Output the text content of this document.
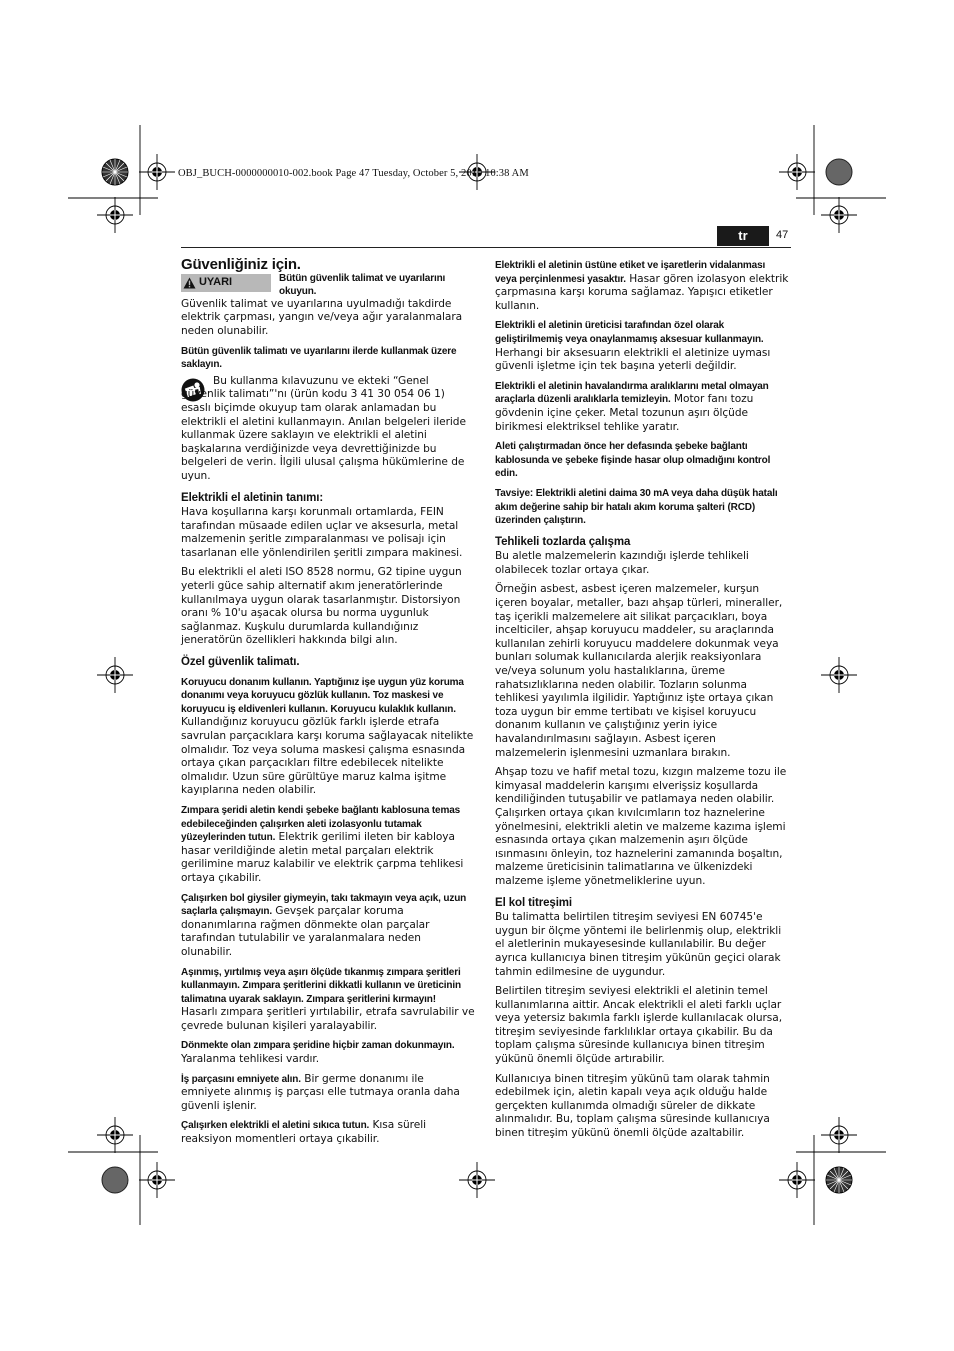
OBJ_BUCH-0000000010-002.book Page 47 Tuesday, October 5, 2010 10:38 AM
tr	47
Güvenliğiniz için.
UYARI	Bütün güvenlik talimat ve uyarılarını okuyun.

Güvenlik talimat ve uyarılarına uyulmadığı takdirde elektrik çarpması, yangın ve/veya ağır yaralanmalara neden olunabilir.

Bütün güvenlik talimatı ve uyarılarını ilerde kullanmak üzere saklayın.

Bu kullanma kılavuzunu ve ekteki “Genel güvenlik talimatı”'nı (ürün kodu 3 41 30 054 06 1) esaslı biçimde okuyup tam olarak anlamadan bu elektrikli el aletini kullanmayın. Anılan belgeleri ileride kullanmak üzere saklayın ve elektrikli el aletini başkalarına verdiğinizde veya devrettiğinizde bu belgeleri de verin. İlgili ulusal çalışma hükümlerine de uyun.

Elektrikli el aletinin tanımı:

Hava koşullarına karşı korunmalı ortamlarda, FEIN tarafından müsaade edilen uçlar ve aksesurla, metal malzemenin şeritle zımparalanması ve polisajı için tasarlanan elle yönlendirilen şeritli zımpara makinesi.

Bu elektrikli el aleti ISO 8528 normu, G2 tipine uygun yeterli güce sahip alternatif akım jeneratörlerinde kullanılmaya uygun olarak tasarlanmıştır. Distorsiyon oranı % 10'u aşacak olursa bu norma uygunluk sağlanmaz. Kuşkulu durumlarda kullandığınız jeneratörün özellikleri hakkında bilgi alın.

Özel güvenlik talimatı.

Koruyucu donanım kullanın. Yaptığınız işe uygun yüz koruma donanımı veya koruyucu gözlük kullanın. Toz maskesi ve koruyucu iş eldivenleri kullanın. Koruyucu kulaklık kullanın. Kullandığınız koruyucu gözlük farklı işlerde etrafa savrulan parçacıklara karşı koruma sağlayacak nitelikte olmalıdır. Toz veya soluma maskesi çalışma esnasında ortaya çıkan parçacıkları filtre edebilecek nitelikte olmalıdır. Uzun süre gürültüye maruz kalma işitme kayıplarına neden olabilir.

Zımpara şeridi aletin kendi şebeke bağlantı kablosuna temas edebileceğinden çalışırken aleti izolasyonlu tutamak yüzeylerinden tutun. Elektrik gerilimi ileten bir kabloya hasar verildiğinde aletin metal parçaları elektrik gerilimine maruz kalabilir ve elektrik çarpma tehlikesi ortaya çıkabilir.

Çalışırken bol giysiler giymeyin, takı takmayın veya açık, uzun saçlarla çalışmayın. Gevşek parçalar koruma donanımlarına rağmen dönmekte olan parçalar tarafından tutulabilir ve yaralanmalara neden olunabilir.

Aşınmış, yırtılmış veya aşırı ölçüde tıkanmış zımpara şeritleri kullanmayın. Zımpara şeritlerini dikkatli kullanın ve üreticinin talimatına uyarak saklayın. Zımpara şeritlerini kırmayın! Hasarlı zımpara şeritleri yırtılabilir, etrafa savrulabilir ve çevrede bulunan kişileri yaralayabilir.

Dönmekte olan zımpara şeridine hiçbir zaman dokunmayın. Yaralanma tehlikesi vardır.

İş parçasını emniyete alın. Bir germe donanımı ile emniyete alınmış iş parçası elle tutmaya oranla daha güvenli işlenir.

Çalışırken elektrikli el aletini sıkıca tutun. Kısa süreli reaksiyon momentleri ortaya çıkabilir.

Elektrikli el aletinin üstüne etiket ve işaretlerin vidalanması veya perçinlenmesi yasaktır. Hasar gören izolasyon elektrik çarpmasına karşı koruma sağlamaz. Yapışıcı etiketler kullanın.

Elektrikli el aletinin üreticisi tarafından özel olarak geliştirilmemiş veya onaylanmamış aksesuar kullanmayın. Herhangi bir aksesuarın elektrikli el aletinize uyması güvenli işletme için tek başına yeterli değildir.

Elektrikli el aletinin havalandırma aralıklarını metal olmayan araçlarla düzenli aralıklarla temizleyin. Motor fanı tozu gövdenin içine çeker. Metal tozunun aşırı ölçüde birikmesi elektriksel tehlike yaratır.

Aleti çalıştırmadan önce her defasında şebeke bağlantı kablosunda ve şebeke fişinde hasar olup olmadığını kontrol edin.

Tavsiye: Elektrikli aletini daima 30 mA veya daha düşük hatalı akım değerine sahip bir hatalı akım koruma şalteri (RCD) üzerinden çalıştırın.

Tehlikeli tozlarda çalışma

Bu aletle malzemelerin kazındığı işlerde tehlikeli olabilecek tozlar ortaya çıkar.

Örneğin asbest, asbest içeren malzemeler, kurşun içeren boyalar, metaller, bazı ahşap türleri, mineraller, taş içerikli malzemelere ait silikat parçacıkları, boya incelticiler, ahşap koruyucu maddeler, su araçlarında kullanılan zehirli koruyucu maddelere dokunmak veya bunları solumak kullanıcılarda alerjik reaksiyonlara ve/veya solunum yolu hastalıklarına, üreme rahatsızlıklarına neden olabilir. Tozların solunma tehlikesi yayılımla ilgilidir. Yaptığınız işte ortaya çıkan toza uygun bir emme tertibatı ve kişisel koruyucu donanım kullanın ve çalıştığınız yerin iyice havalandırılmasını sağlayın. Asbest içeren malzemelerin işlenmesini uzmanlara bırakın.

Ahşap tozu ve hafif metal tozu, kızgın malzeme tozu ile kimyasal maddelerin karışımı elverişsiz koşullarda kendiliğinden tutuşabilir ve patlamaya neden olabilir. Çalışırken ortaya çıkan kıvılcımların toz haznelerine yönelmesini, elektrikli aletin ve malzeme kazıma işlemi esnasında ortaya çıkan malzemenin aşırı ölçüde ısınmasını önleyin, toz haznelerini zamanında boşaltın, malzeme üreticisinin talimatlarına ve ülkenizdeki malzeme işleme yönetmeliklerine uyun.

El kol titreşimi

Bu talimatta belirtilen titreşim seviyesi EN 60745'e uygun bir ölçme yöntemi ile belirlenmiş olup, elektrikli el aletlerinin mukayesesinde kullanılabilir. Bu değer ayrıca kullanıcıya binen titreşim yükünün geçici olarak tahmin edilmesine de uygundur.

Belirtilen titreşim seviyesi elektrikli el aletinin temel kullanımlarına aittir. Ancak elektrikli el aleti farklı uçlar veya yetersiz bakımla farklı işlerde kullanılacak olursa, titreşim seviyesinde farklılıklar ortaya çıkabilir. Bu da toplam çalışma süresinde kullanıcıya binen titreşim yükünü önemli ölçüde artırabilir.

Kullanıcıya binen titreşim yükünü tam olarak tahmin edebilmek için, aletin kapalı veya açık olduğu halde gerçekten kullanımda olmadığı süreler de dikkate alınmalıdır. Bu, toplam çalışma süresinde kullanıcıya binen titreşim yükünü önemli ölçüde azaltabilir.
